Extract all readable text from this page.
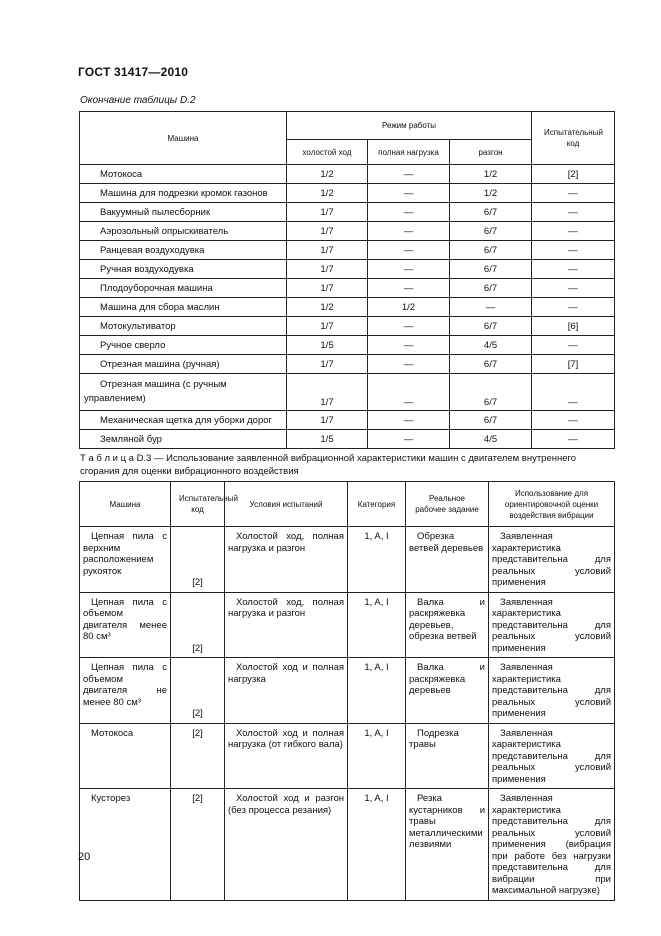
ГОСТ 31417—2010
Окончание таблицы D.2
Машина	Режим работы			Испытательный код
	холостой ход	полная нагрузка	разгон	
Мотокоса	1/2	—	1/2	[2]
Машина для подрезки кромок газонов	1/2	—	1/2	—
Вакуумный пылесборник	1/7	—	6/7	—
Аэрозольный опрыскиватель	1/7	—	6/7	—
Ранцевая воздуходувка	1/7	—	6/7	—
Ручная воздуходувка	1/7	—	6/7	—
Плодоуборочная машина	1/7	—	6/7	—
Машина для сбора маслин	1/2	1/2	—	—
Мотокультиватор	1/7	—	6/7	[6]
Ручное сверло	1/5	—	4/5	—
Отрезная машина (ручная)	1/7	—	6/7	[7]
Отрезная машина (с ручным управлением)	1/7	—	6/7	—
Механическая щетка для уборки дорог	1/7	—	6/7	—
Земляной бур	1/5	—	4/5	—
Т а б л и ц а D.3 — Использование заявленной вибрационной характеристики машин с двигателем внутреннего сгорания для оценки вибрационного воздействия
Машина	Испытательный код	Условия испытаний	Категория	Реальное рабочее задание	Использование для ориентировочной оценки воздействия вибрации
Цепная пила с верхним расположением рукояток	[2]	Холостой ход, полная нагрузка и разгон	1, A, I	Обрезка ветвей деревьев	Заявленная характеристика представительна для реальных условий применения
Цепная пила с объемом двигателя менее 80 см³	[2]	Холостой ход, полная нагрузка и разгон	1, A, I	Валка и раскряжевка деревьев, обрезка ветвей	Заявленная характеристика представительна для реальных условий применения
Цепная пила с объемом двигателя не менее 80 см³	[2]	Холостой ход и полная нагрузка	1, A, I	Валка и раскряжевка деревьев	Заявленная характеристика представительна для реальных условий применения
Мотокоса	[2]	Холостой ход и полная нагрузка (от гибкого вала)	1, A, I	Подрезка травы	Заявленная характеристика представительна для реальных условий применения
Кусторез	[2]	Холостой ход и разгон (без процесса резания)	1, A, I	Резка кустарников и травы металлическими лезвиями	Заявленная характеристика представительна для реальных условий применения (вибрация при работе без нагрузки представительна для вибрации при максимальной нагрузке)
20
